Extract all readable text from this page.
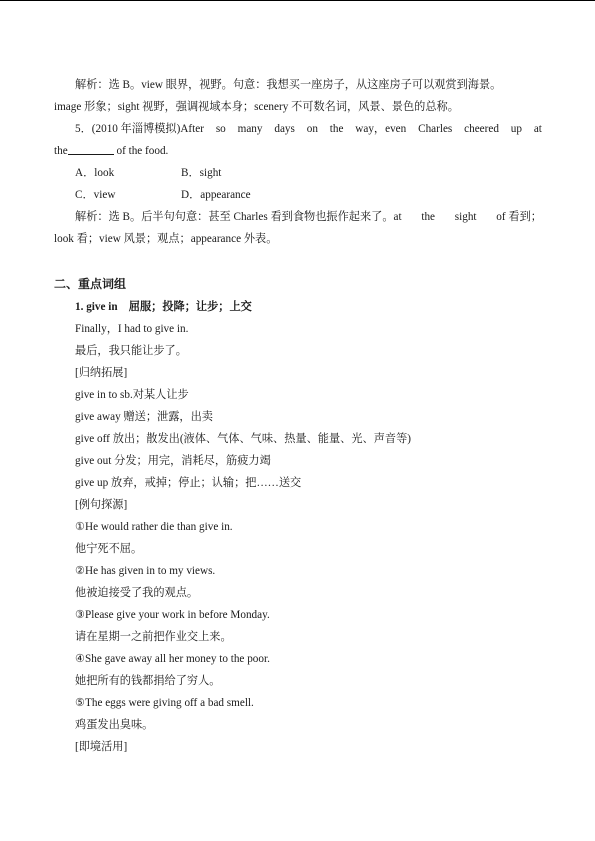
解析：选 B。view 眼界，视野。句意：我想买一座房子，从这座房子可以观赏到海景。
image 形象；sight 视野，强调视域本身；scenery 不可数名词，风景、景色的总称。
5．(2010 年淄博模拟)After so many days on the way，even Charles cheered up at
the	of the food.
A．look	B．sight
C．view	D．appearance
解析：选 B。后半句句意：甚至 Charles 看到食物也振作起来了。at the sight of 看到；
look 看；view 风景；观点；appearance 外表。
二、重点词组
1. give in　屈服；投降；让步；上交
Finally，I had to give in.
最后，我只能让步了。
[归纳拓展]
give in to sb.对某人让步
give away 赠送；泄露，出卖
give off 放出；散发出(液体、气体、气味、热量、能量、光、声音等)
give out 分发；用完，消耗尽，筋疲力竭
give up 放弃，戒掉；停止；认输；把……送交
[例句探源]
①He would rather die than give in.
他宁死不屈。
②He has given in to my views.
他被迫接受了我的观点。
③Please give your work in before Monday.
请在星期一之前把作业交上来。
④She gave away all her money to the poor.
她把所有的钱都捐给了穷人。
⑤The eggs were giving off a bad smell.
鸡蛋发出臭味。
[即境活用]
